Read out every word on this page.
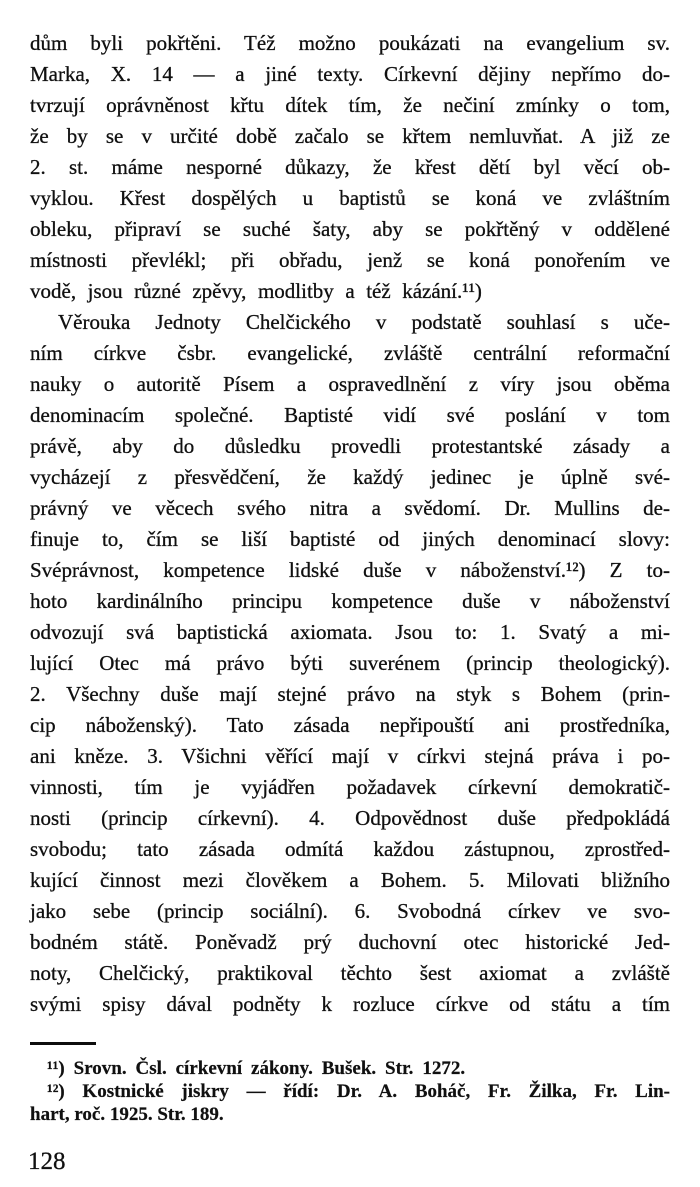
dům byli pokřtěni. Též možno poukázati na evangelium sv.
Marka, X. 14 — a jiné texty. Církevní dějiny nepřímo do-
tvrzují oprávněnost křtu dítek tím, že nečiní zmínky o tom,
že by se v určité době začalo se křtem nemluvňat. A již ze
2. st. máme nesporné důkazy, že křest dětí byl věcí ob-
vyklou. Křest dospělých u baptistů se koná ve zvláštním
obleku, připraví se suché šaty, aby se pokřtěný v oddělené
místnosti převlékl; při obřadu, jenž se koná ponořením ve
vodě, jsou různé zpěvy, modlitby a též kázání.¹¹)
Věrouka Jednoty Chelčického v podstatě souhlasí s uče-
ním církve čsbr. evangelické, zvláště centrální reformační
nauky o autoritě Písem a ospravedlnění z víry jsou oběma
denominacím společné. Baptisté vidí své poslání v tom
právě, aby do důsledku provedli protestantské zásady a
vycházejí z přesvědčení, že každý jedinec je úplně své-
právný ve věcech svého nitra a svědomí. Dr. Mullins de-
finuje to, čím se liší baptisté od jiných denominací slovy:
Svéprávnost, kompetence lidské duše v náboženství.¹²) Z to-
hoto kardinálního principu kompetence duše v náboženství
odvozují svá baptistická axiomata. Jsou to: 1. Svatý a mi-
lující Otec má právo býti suverénem (princip theologický).
2. Všechny duše mají stejné právo na styk s Bohem (prin-
cip náboženský). Tato zásada nepřipouští ani prostředníka,
ani kněze. 3. Všichni věřící mají v církvi stejná práva i po-
vinnosti, tím je vyjádřen požadavek církevní demokratič-
nosti (princip církevní). 4. Odpovědnost duše předpokládá
svobodu; tato zásada odmítá každou zástupnou, zprostřed-
kující činnost mezi člověkem a Bohem. 5. Milovati bližního
jako sebe (princip sociální). 6. Svobodná církev ve svo-
bodném státě. Poněvadž prý duchovní otec historické Jed-
noty, Chelčický, praktikoval těchto šest axiomat a zvláště
svými spisy dával podněty k rozluce církve od státu a tím
¹¹) Srovn. Čsl. církevní zákony. Bušek. Str. 1272.
¹²) Kostnické jiskry — řídí: Dr. A. Boháč, Fr. Žilka, Fr. Lin-
hart, roč. 1925. Str. 189.
128
